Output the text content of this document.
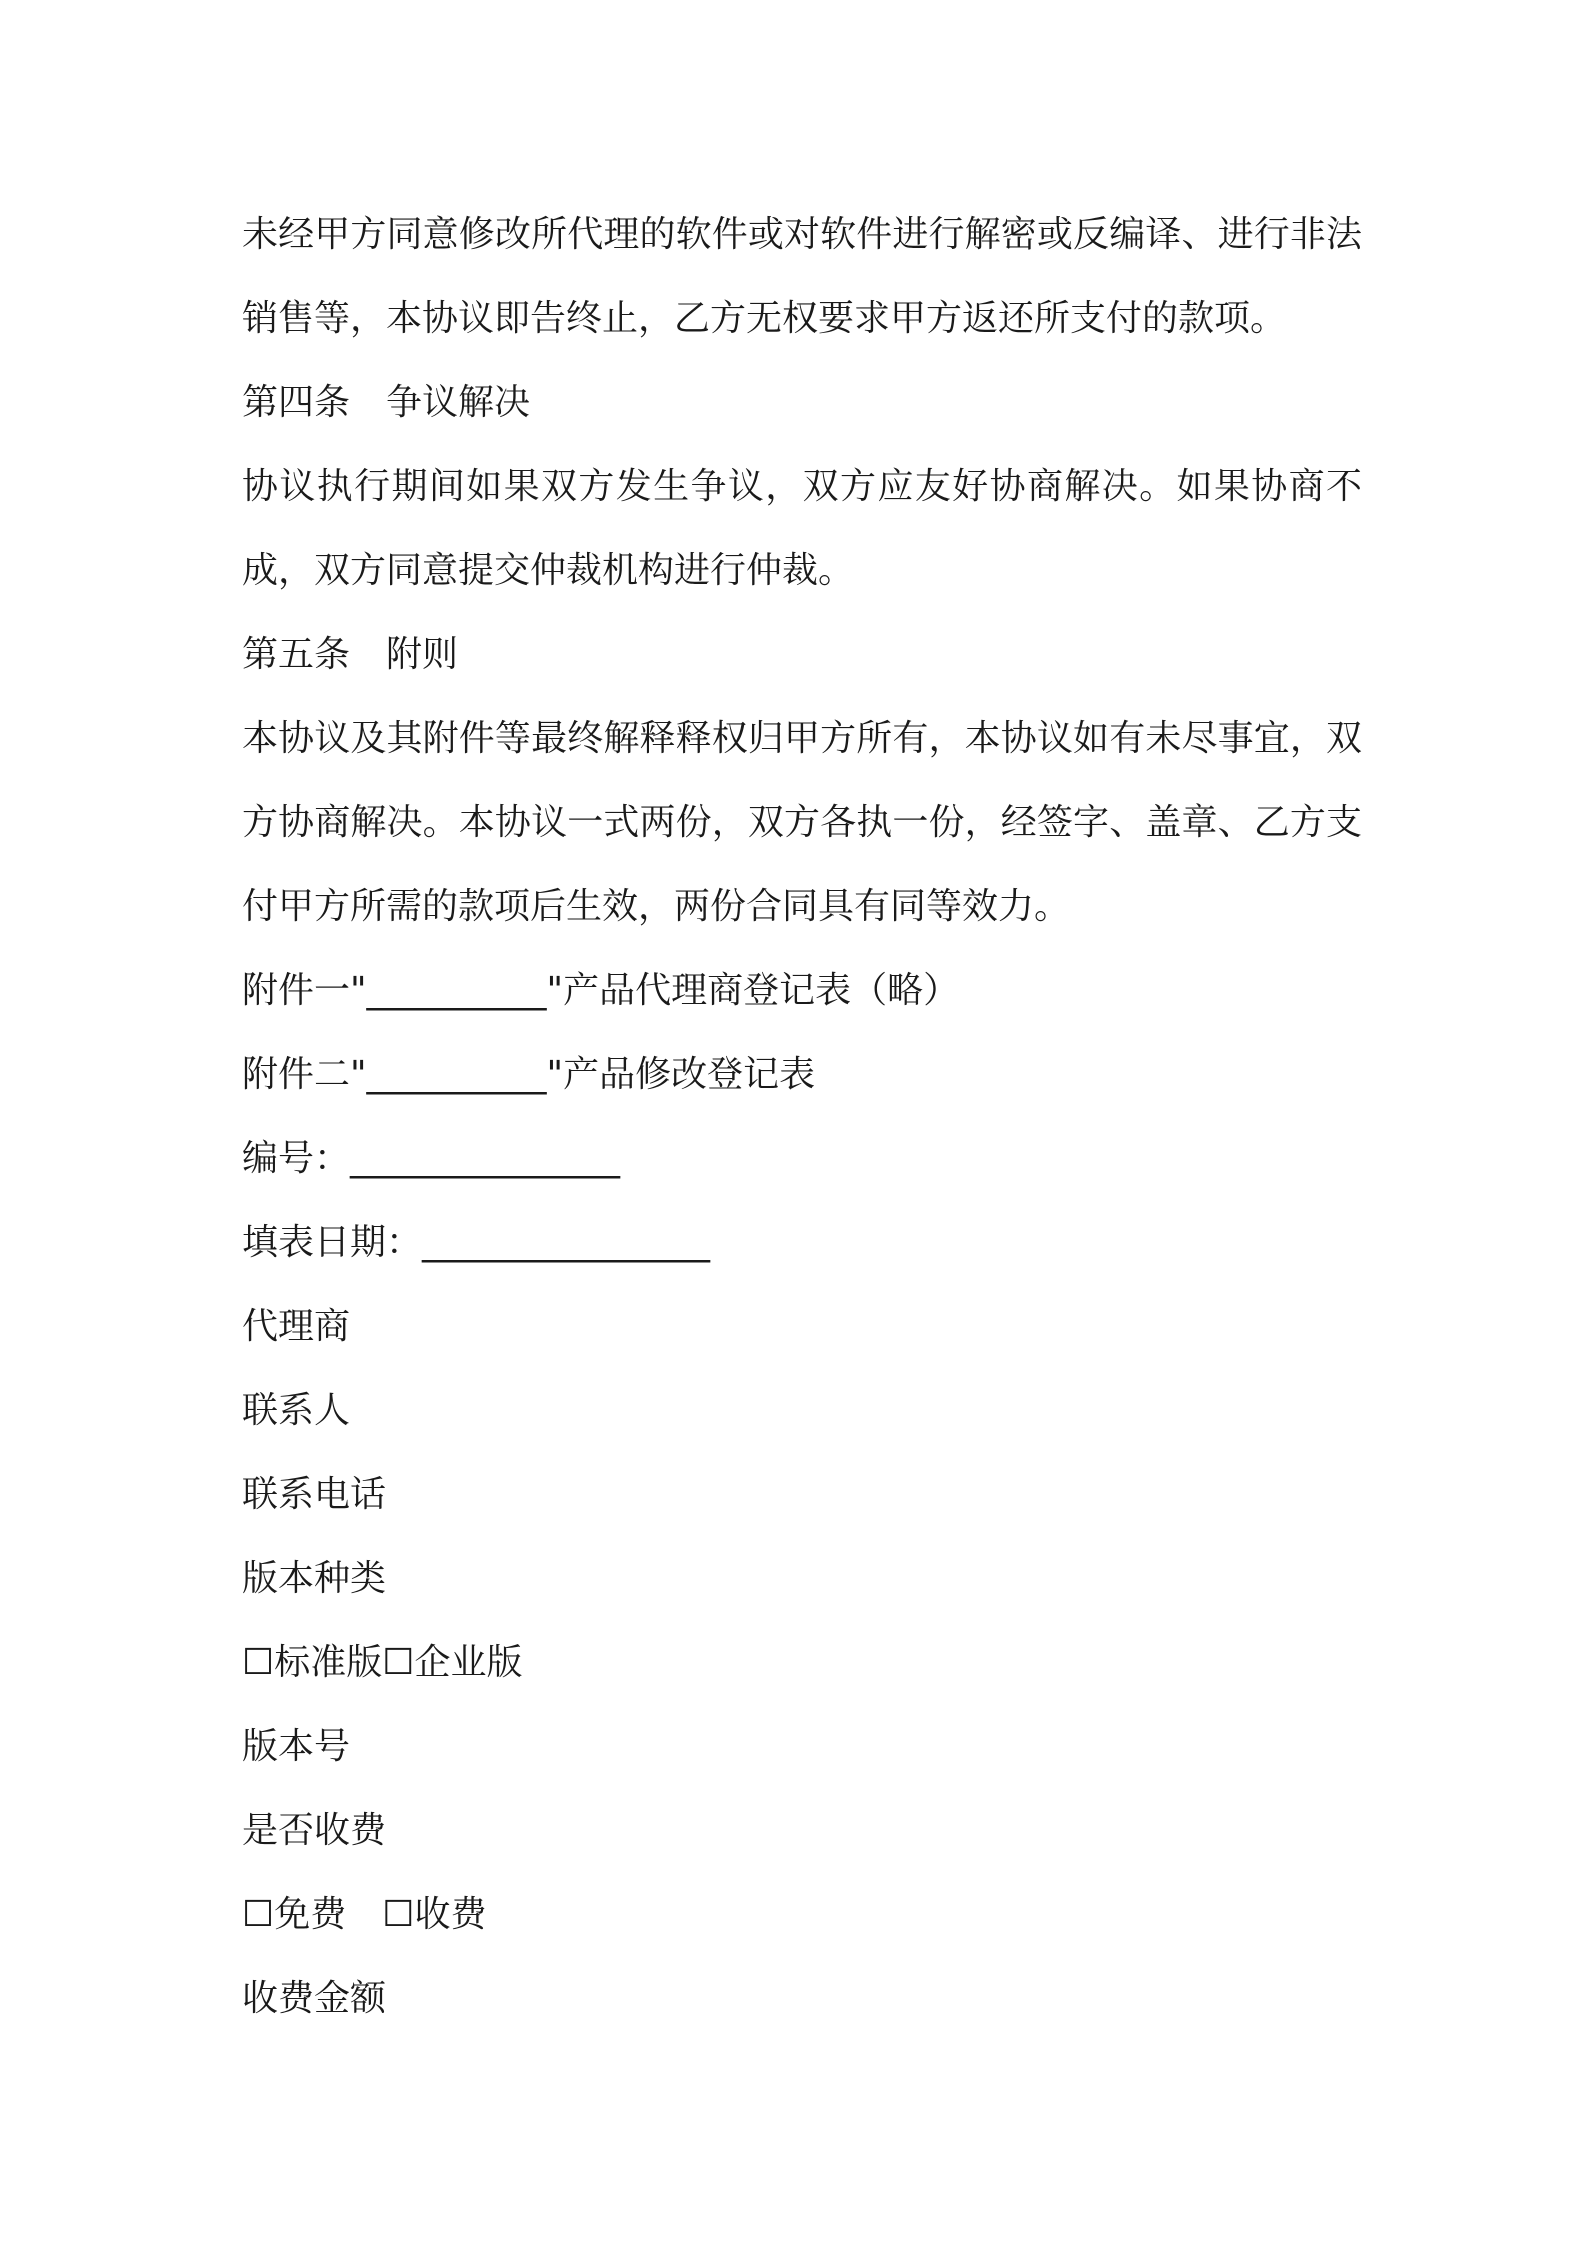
未经甲方同意修改所代理的软件或对软件进行解密或反编译、进行非法销售等，本协议即告终止，乙方无权要求甲方返还所支付的款项。

第四条　争议解决

协议执行期间如果双方发生争议，双方应友好协商解决。如果协商不成，双方同意提交仲裁机构进行仲裁。

第五条　附则

本协议及其附件等最终解释释权归甲方所有，本协议如有未尽事宜，双方协商解决。本协议一式两份，双方各执一份，经签字、盖章、乙方支付甲方所需的款项后生效，两份合同具有同等效力。

附件一"__________"产品代理商登记表（略）

附件二"__________"产品修改登记表

编号：_______________

填表日期：________________

代理商

联系人

联系电话

版本种类

☐标准版☐企业版

版本号

是否收费

☐免费　☐收费

收费金额
